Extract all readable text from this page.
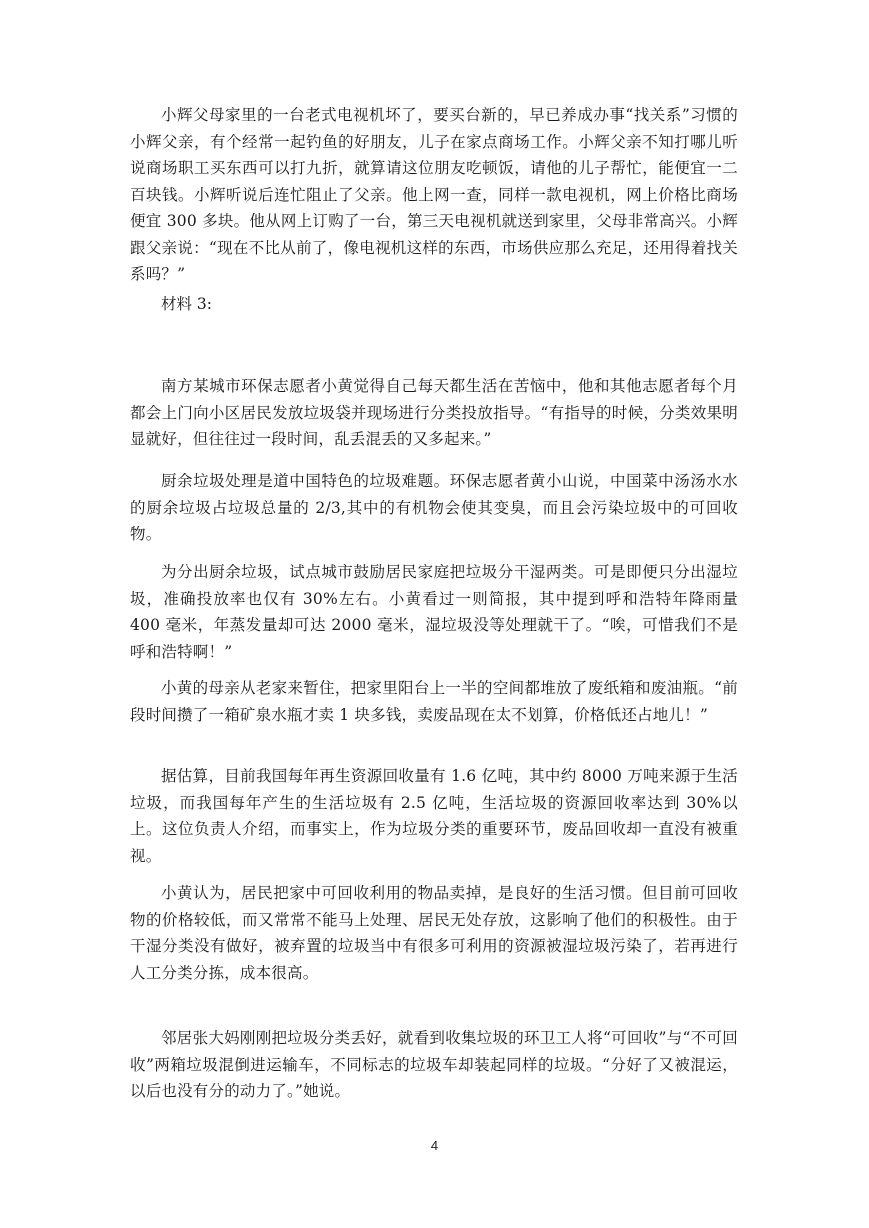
小辉父母家里的一台老式电视机坏了，要买台新的，早已养成办事“找关系”习惯的小辉父亲，有个经常一起钓鱼的好朋友，儿子在家点商场工作。小辉父亲不知打哪儿听说商场职工买东西可以打九折，就算请这位朋友吃顿饭，请他的儿子帮忙，能便宜一二百块钱。小辉听说后连忙阻止了父亲。他上网一查，同样一款电视机，网上价格比商场便宜 300 多块。他从网上订购了一台，第三天电视机就送到家里，父母非常高兴。小辉跟父亲说：“现在不比从前了，像电视机这样的东西，市场供应那么充足，还用得着找关系吗？”

材料 3:

南方某城市环保志愿者小黄觉得自己每天都生活在苦恼中，他和其他志愿者每个月都会上门向小区居民发放垃圾袋并现场进行分类投放指导。“有指导的时候，分类效果明显就好，但往往过一段时间，乱丢混丢的又多起来。”

厨余垃圾处理是道中国特色的垃圾难题。环保志愿者黄小山说，中国菜中汤汤水水的厨余垃圾占垃圾总量的 2/3,其中的有机物会使其变臭，而且会污染垃圾中的可回收物。

为分出厨余垃圾，试点城市鼓励居民家庭把垃圾分干湿两类。可是即便只分出湿垃圾，准确投放率也仅有 30%左右。小黄看过一则简报，其中提到呼和浩特年降雨量 400 毫米，年蒸发量却可达 2000 毫米，湿垃圾没等处理就干了。“唉，可惜我们不是呼和浩特啊！”

小黄的母亲从老家来暂住，把家里阳台上一半的空间都堆放了废纸箱和废油瓶。“前段时间攒了一箱矿泉水瓶才卖 1 块多钱，卖废品现在太不划算，价格低还占地儿！”

据估算，目前我国每年再生资源回收量有 1.6 亿吨，其中约 8000 万吨来源于生活垃圾，而我国每年产生的生活垃圾有 2.5 亿吨，生活垃圾的资源回收率达到 30%以上。这位负责人介绍，而事实上，作为垃圾分类的重要环节，废品回收却一直没有被重视。

小黄认为，居民把家中可回收利用的物品卖掉，是良好的生活习惯。但目前可回收物的价格较低，而又常常不能马上处理、居民无处存放，这影响了他们的积极性。由于干湿分类没有做好，被弃置的垃圾当中有很多可利用的资源被湿垃圾污染了，若再进行人工分类分拣，成本很高。

邻居张大妈刚刚把垃圾分类丢好，就看到收集垃圾的环卫工人将“可回收”与“不可回收”两箱垃圾混倒进运输车，不同标志的垃圾车却装起同样的垃圾。“分好了又被混运，以后也没有分的动力了。”她说。

4
